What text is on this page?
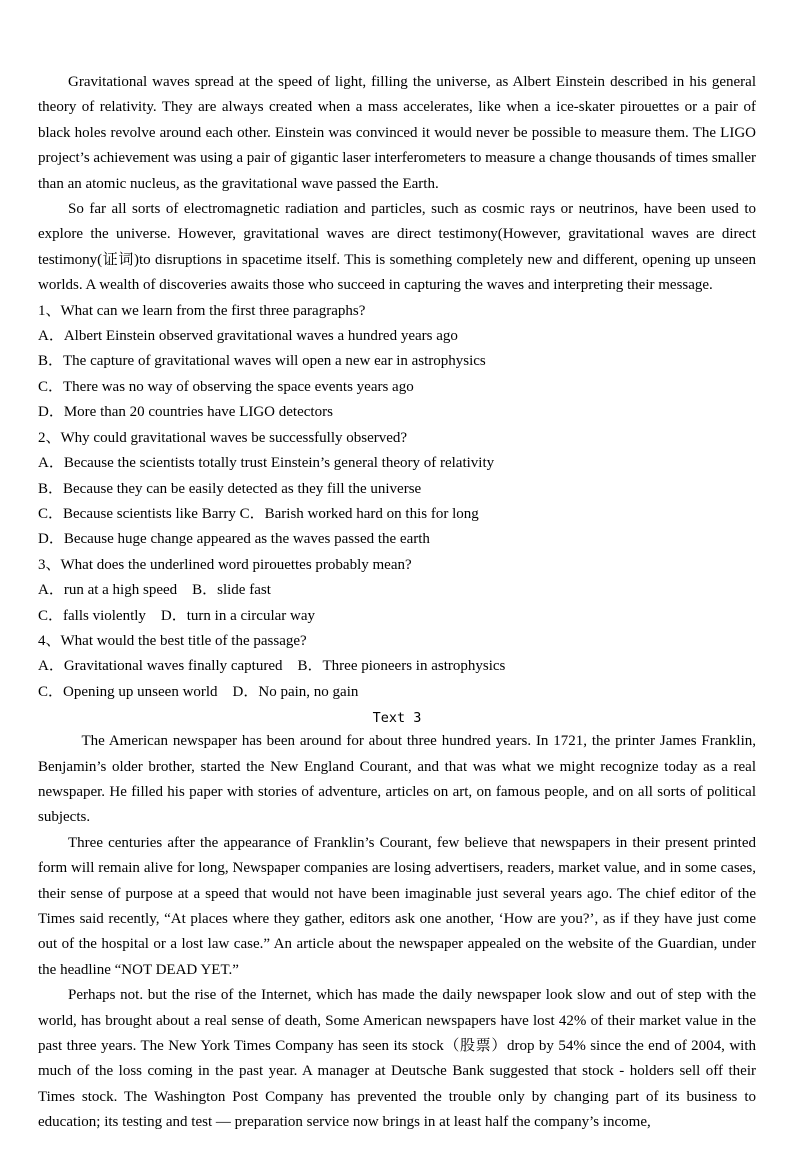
Gravitational waves spread at the speed of light, filling the universe, as Albert Einstein described in his general theory of relativity. They are always created when a mass accelerates, like when a ice-skater pirouettes or a pair of black holes revolve around each other. Einstein was convinced it would never be possible to measure them. The LIGO project’s achievement was using a pair of gigantic laser interferometers to measure a change thousands of times smaller than an atomic nucleus, as the gravitational wave passed the Earth.

So far all sorts of electromagnetic radiation and particles, such as cosmic rays or neutrinos, have been used to explore the universe. However, gravitational waves are direct testimony(However, gravitational waves are direct testimony(证词)to disruptions in spacetime itself. This is something completely new and different, opening up unseen worlds. A wealth of discoveries awaits those who succeed in capturing the waves and interpreting their message.

1、What can we learn from the first three paragraphs?
A．Albert Einstein observed gravitational waves a hundred years ago
B．The capture of gravitational waves will open a new ear in astrophysics
C．There was no way of observing the space events years ago
D．More than 20 countries have LIGO detectors
2、Why could gravitational waves be successfully observed?
A．Because the scientists totally trust Einstein’s general theory of relativity
B．Because they can be easily detected as they fill the universe
C．Because scientists like Barry C．Barish worked hard on this for long
D．Because huge change appeared as the waves passed the earth
3、What does the underlined word pirouettes probably mean?
A．run at a high speed　B．slide fast
C．falls violently　D．turn in a circular way
4、What would the best title of the passage?
A．Gravitational waves finally captured　B．Three pioneers in astrophysics
C．Opening up unseen world　D．No pain, no gain
Text 3

The American newspaper has been around for about three hundred years. In 1721, the printer James Franklin, Benjamin’s older brother, started the New England Courant, and that was what we might recognize today as a real newspaper. He filled his paper with stories of adventure, articles on art, on famous people, and on all sorts of political subjects.

Three centuries after the appearance of Franklin’s Courant, few believe that newspapers in their present printed form will remain alive for long, Newspaper companies are losing advertisers, readers, market value, and in some cases, their sense of purpose at a speed that would not have been imaginable just several years ago. The chief editor of the Times said recently, “At places where they gather, editors ask one another, ‘How are you?’, as if they have just come out of the hospital or a lost law case.” An article about the newspaper appealed on the website of the Guardian, under the headline “NOT DEAD YET.”

Perhaps not. but the rise of the Internet, which has made the daily newspaper look slow and out of step with the world, has brought about a real sense of death, Some American newspapers have lost 42% of their market value in the past three years. The New York Times Company has seen its stock（股票）drop by 54% since the end of 2004, with much of the loss coming in the past year. A manager at Deutsche Bank suggested that stock - holders sell off their Times stock. The Washington Post Company has prevented the trouble only by changing part of its business to education; its testing and test — preparation service now brings in at least half the company’s income,
